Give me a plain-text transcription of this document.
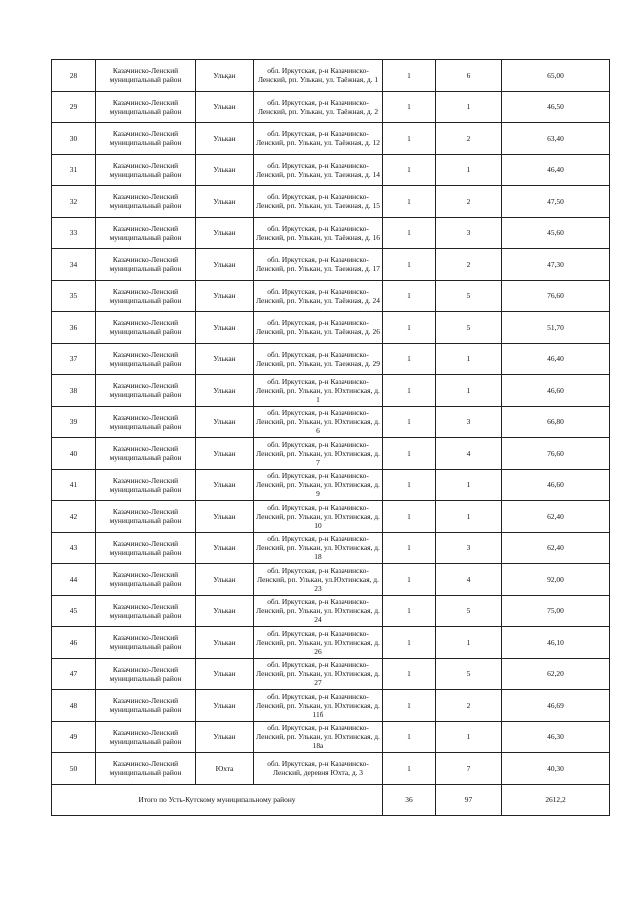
28	Казачинско-Ленский муниципальный район	Ульқан	обл. Иркутская, р-н Казачинско-Ленский, рп. Улькан, ул. Таёжная, д. 1	1	6	65,00
29	Казачинско-Ленский муниципальный район	Улькан	обл. Иркутская, р-н Казачинско-Ленский, рп. Улькан, ул. Таёжная, д. 2	1	1	46,50
30	Казачинско-Ленский муниципальный район	Улькан	обл. Иркутская, р-н Казачинско-Ленский, рп. Улькан, ул. Таёжная, д. 12	1	2	63,40
31	Казачинско-Ленский муниципальный район	Улькан	обл. Иркутская, р-н Казачинско-Ленский, рп. Улькан, ул. Таежная, д. 14	1	1	46,40
32	Казачинско-Ленский муниципальный район	Улькан	обл. Иркутская, р-н Казачинско-Ленский, рп. Улькан, ул. Таежная, д. 15	1	2	47,50
33	Казачинско-Ленский муниципальный район	Улькан	обл. Иркутская, р-н Казачинско-Ленский, рп. Улькан, ул. Таёжная, д. 16	1	3	45,60
34	Казачинско-Ленский муниципальный район	Улькан	обл. Иркутская, р-н Казачинско-Ленский, рп. Улькан, ул. Таежная, д. 17	1	2	47,30
35	Казачинско-Ленский муниципальный район	Улькан	обл. Иркутская, р-н Казачинско-Ленский, рп. Улькан, ул. Таёжная, д. 24	1	5	76,60
36	Казачинско-Ленский муниципальный район	Улькан	обл. Иркутская, р-н Казачинско-Ленский, рп. Улькан, ул. Таёжная, д. 26	1	5	51,70
37	Казачинско-Ленский муниципальный район	Улькан	обл. Иркутская, р-н Казачинско-Ленский, рп. Улькан, ул. Таежная, д. 29	1	1	46,40
38	Казачинско-Ленский муниципальный район	Улькан	обл. Иркутская, р-н Казачинско-Ленский, рп. Улькан, ул. Юхтинская, д. 1	1	1	46,60
39	Казачинско-Ленский муниципальный район	Улькан	обл. Иркутская, р-н Казачинско-Ленский, рп. Улькан, ул. Юхтинская, д. 6	1	3	66,80
40	Казачинско-Ленский муниципальный район	Улькан	обл. Иркутская, р-н Казачинско-Ленский, рп. Улькан, ул. Юхтинская, д. 7	1	4	76,60
41	Казачинско-Ленский муниципальный район	Улькан	обл. Иркутская, р-н Казачинско-Ленский, рп. Улькан, ул. Юхтинская, д. 9	1	1	46,60
42	Казачинско-Ленский муниципальный район	Улькан	обл. Иркутская, р-н Казачинско-Ленский, рп. Улькан, ул. Юхтинская, д. 10	1	1	62,40
43	Казачинско-Ленский муниципальный район	Улькан	обл. Иркутская, р-н Казачинско-Ленский, рп. Улькан, ул. Юхтинская, д. 18	1	3	62,40
44	Казачинско-Ленский муниципальный район	Улькан	обл. Иркутская, р-н Казачинско-Ленский, рп. Улькан, ул.Юхтинская, д. 23	1	4	92,00
45	Казачинско-Ленский муниципальный район	Улькан	обл. Иркутская, р-н Казачинско-Ленский, рп. Улькан, ул. Юхтинская, д. 24	1	5	75,00
46	Казачинско-Ленский муниципальный район	Улькан	обл. Иркутская, р-н Казачинско-Ленский, рп. Улькан, ул. Юхтинская, д. 26	1	1	46,10
47	Казачинско-Ленский муниципальный район	Улькан	обл. Иркутская, р-н Казачинско-Ленский, рп. Улькан, ул. Юхтинская, д. 27	1	5	62,20
48	Казачинско-Ленский муниципальный район	Улькан	обл. Иркутская, р-н Казачинско-Ленский, рп. Улькан, ул. Юхтинская, д. 11б	1	2	46,69
49	Казачинско-Ленский муниципальный район	Улькан	обл. Иркутская, р-н Казачинско-Ленский, рп. Улькан, ул. Юхтинская, д. 18а	1	1	46,30
50	Казачинско-Ленский муниципальный район	Юхта	обл. Иркутская, р-н Казачинско-Ленский, деревня Юхта, д. 3	1	7	40,30
Итого по Усть-Кутскому муниципальному району				36	97	2612,2
